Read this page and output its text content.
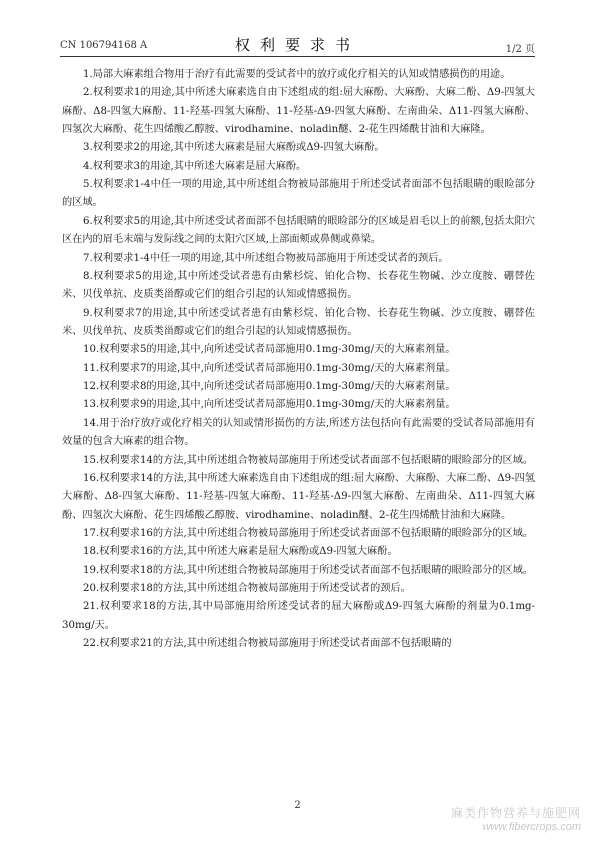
CN 106794168 A	权利要求书	1/2 页

1.局部大麻素组合物用于治疗有此需要的受试者中的放疗或化疗相关的认知或情感损伤的用途。

2.权利要求1的用途,其中所述大麻素选自由下述组成的组:屈大麻酚、大麻酚、大麻二酚、Δ9-四氢大麻酚、Δ8-四氢大麻酚、11-羟基-四氢大麻酚、11-羟基-Δ9-四氢大麻酚、左南曲朵、Δ11-四氢大麻酚、四氢次大麻酚、花生四烯酸乙醇胺、virodhamine、noladin醚、2-花生四烯酰甘油和大麻隆。

3.权利要求2的用途,其中所述大麻素是屈大麻酚或Δ9-四氢大麻酚。

4.权利要求3的用途,其中所述大麻素是屈大麻酚。

5.权利要求1-4中任一项的用途,其中所述组合物被局部施用于所述受试者面部不包括眼睛的眼睑部分的区域。

6.权利要求5的用途,其中所述受试者面部不包括眼睛的眼睑部分的区域是眉毛以上的前额,包括太阳穴区在内的眉毛末端与发际线之间的太阳穴区域,上部面颊或鼻侧或鼻梁。

7.权利要求1-4中任一项的用途,其中所述组合物被局部施用于所述受试者的颈后。

8.权利要求5的用途,其中所述受试者患有由紫杉烷、铂化合物、长春花生物碱、沙立度胺、硼替佐米、贝伐单抗、皮质类甾醇或它们的组合引起的认知或情感损伤。

9.权利要求7的用途,其中所述受试者患有由紫杉烷、铂化合物、长春花生物碱、沙立度胺、硼替佐米、贝伐单抗、皮质类甾醇或它们的组合引起的认知或情感损伤。

10.权利要求5的用途,其中,向所述受试者局部施用0.1mg-30mg/天的大麻素剂量。

11.权利要求7的用途,其中,向所述受试者局部施用0.1mg-30mg/天的大麻素剂量。

12.权利要求8的用途,其中,向所述受试者局部施用0.1mg-30mg/天的大麻素剂量。

13.权利要求9的用途,其中,向所述受试者局部施用0.1mg-30mg/天的大麻素剂量。

14.用于治疗放疗或化疗相关的认知或情形损伤的方法,所述方法包括向有此需要的受试者局部施用有效量的包含大麻素的组合物。

15.权利要求14的方法,其中所述组合物被局部施用于所述受试者面部不包括眼睛的眼睑部分的区域。

16.权利要求14的方法,其中所述大麻素选自由下述组成的组:屈大麻酚、大麻酚、大麻二酚、Δ9-四氢大麻酚、Δ8-四氢大麻酚、11-羟基-四氢大麻酚、11-羟基-Δ9-四氢大麻酚、左南曲朵、Δ11-四氢大麻酚、四氢次大麻酚、花生四烯酸乙醇胺、virodhamine、noladin醚、2-花生四烯酰甘油和大麻隆。

17.权利要求16的方法,其中所述组合物被局部施用于所述受试者面部不包括眼睛的眼睑部分的区域。

18.权利要求16的方法,其中所述大麻素是屈大麻酚或Δ9-四氢大麻酚。

19.权利要求18的方法,其中所述组合物被局部施用于所述受试者面部不包括眼睛的眼睑部分的区域。

20.权利要求18的方法,其中所述组合物被局部施用于所述受试者的颈后。

21.权利要求18的方法,其中局部施用给所述受试者的屈大麻酚或Δ9-四氢大麻酚的剂量为0.1mg-30mg/天。

22.权利要求21的方法,其中所述组合物被局部施用于所述受试者面部不包括眼睛的

2
麻类作物营养与施肥网
www.fibercrops.com
